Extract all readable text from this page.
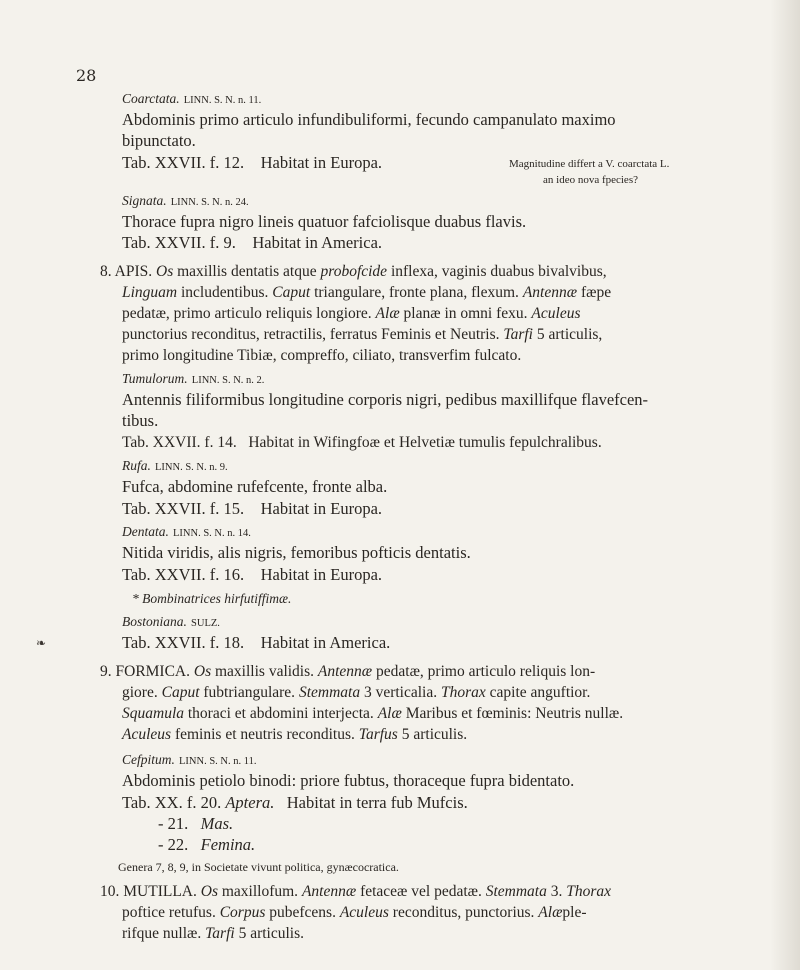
❧
28
Coarctata. LINN. S. N. n. 11.
Abdominis primo articulo infundibuliformi, fecundo campanulato maximo
bipunctato.
Tab. XXVII. f. 12. Habitat in Europa.	Magnitudine differt a V. coarctata L.
an ideo nova fpecies?
Signata. LINN. S. N. n. 24.
Thorace fupra nigro lineis quatuor fafciolisque duabus flavis.
Tab. XXVII. f. 9. Habitat in America.
8. APIS. Os maxillis dentatis atque probofcide inflexa, vaginis duabus bivalvibus,
Linguam includentibus. Caput triangulare, fronte plana, flexum. Antennæ fæpe
pedatæ, primo articulo reliquis longiore. Alæ planæ in omni fexu. Aculeus
punctorius reconditus, retractilis, ferratus Feminis et Neutris. Tarfi 5 articulis,
primo longitudine Tibiæ, compreffo, ciliato, transverfim fulcato.
Tumulorum. LINN. S. N. n. 2.
Antennis filiformibus longitudine corporis nigri, pedibus maxillifque flavefcen-
tibus.
Tab. XXVII. f. 14. Habitat in Wifingfoæ et Helvetiæ tumulis fepulchralibus.
Rufa. LINN. S. N. n. 9.
Fufca, abdomine rufefcente, fronte alba.
Tab. XXVII. f. 15. Habitat in Europa.
Dentata. LINN. S. N. n. 14.
Nitida viridis, alis nigris, femoribus pofticis dentatis.
Tab. XXVII. f. 16. Habitat in Europa.
* Bombinatrices hirfutiffimæ.
Bostoniana. SULZ.
Tab. XXVII. f. 18. Habitat in America.
9. FORMICA. Os maxillis validis. Antennæ pedatæ, primo articulo reliquis lon-
giore. Caput fubtriangulare. Stemmata 3 verticalia. Thorax capite anguftior.
Squamula thoraci et abdomini interjecta. Alæ Maribus et fœminis: Neutris nullæ.
Aculeus feminis et neutris reconditus. Tarfus 5 articulis.
Cefpitum. LINN. S. N. n. 11.
Abdominis petiolo binodi: priore fubtus, thoraceque fupra bidentato.
Tab. XX. f. 20. Aptera. Habitat in terra fub Mufcis.
- 21. Mas.
- 22. Femina.
Genera 7, 8, 9, in Societate vivunt politica, gynæcocratica.
10. MUTILLA. Os maxillofum. Antennæ fetaceæ vel pedatæ. Stemmata 3. Thorax
poftice retufus. Corpus pubefcens. Aculeus reconditus, punctorius. Alæple-
rifque nullæ. Tarfi 5 articulis.
